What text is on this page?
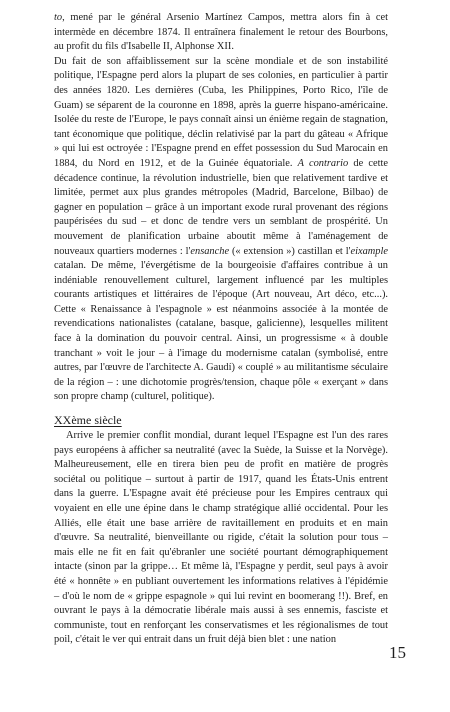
to, mené par le général Arsenio Martínez Campos, mettra alors fin à cet intermède en décembre 1874. Il entraînera finalement le retour des Bourbons, au profit du fils d'Isabelle II, Alphonse XII.

Du fait de son affaiblissement sur la scène mondiale et de son instabilité politique, l'Espagne perd alors la plupart de ses colonies, en particulier à partir des années 1820. Les dernières (Cuba, les Philippines, Porto Rico, l'île de Guam) se séparent de la couronne en 1898, après la guerre hispano-américaine. Isolée du reste de l'Europe, le pays connaît ainsi un énième regain de stagnation, tant économique que politique, déclin relativisé par la part du gâteau « Afrique » qui lui est octroyée : l'Espagne prend en effet possession du Sud Marocain en 1884, du Nord en 1912, et de la Guinée équatoriale. A contrario de cette décadence continue, la révolution industrielle, bien que relativement tardive et limitée, permet aux plus grandes métropoles (Madrid, Barcelone, Bilbao) de gagner en population – grâce à un important exode rural provenant des régions paupérisées du sud – et donc de tendre vers un semblant de prospérité. Un mouvement de planification urbaine aboutit même à l'aménagement de nouveaux quartiers modernes : l'ensanche (« extension ») castillan et l'eixample catalan. De même, l'évergétisme de la bourgeoisie d'affaires contribue à un indéniable renouvellement culturel, largement influencé par les multiples courants artistiques et littéraires de l'époque (Art nouveau, Art déco, etc...). Cette « Renaissance à l'espagnole » est néanmoins associée à la montée de revendications nationalistes (catalane, basque, galicienne), lesquelles militent face à la domination du pouvoir central. Ainsi, un progressisme « à double tranchant » voit le jour – à l'image du modernisme catalan (symbolisé, entre autres, par l'œuvre de l'architecte A. Gaudí) « couplé » au militantisme séculaire de la région – : une dichotomie progrès/tension, chaque pôle « exerçant » dans son propre champ (culturel, politique).

XXème siècle

Arrive le premier conflit mondial, durant lequel l'Espagne est l'un des rares pays européens à afficher sa neutralité (avec la Suède, la Suisse et la Norvège). Malheureusement, elle en tirera bien peu de profit en matière de progrès sociétal ou politique – surtout à partir de 1917, quand les États-Unis entrent dans la guerre. L'Espagne avait été précieuse pour les Empires centraux qui voyaient en elle une épine dans le champ stratégique allié occidental. Pour les Alliés, elle était une base arrière de ravitaillement en produits et en main d'œuvre. Sa neutralité, bienveillante ou rigide, c'était la solution pour tous – mais elle ne fit en fait qu'ébranler une société pourtant démographiquement intacte (sinon par la grippe… Et même là, l'Espagne y perdit, seul pays à avoir été « honnête » en publiant ouvertement les informations relatives à l'épidémie – d'où le nom de « grippe espagnole » qui lui revint en boomerang !!). Bref, en ouvrant le pays à la démocratie libérale mais aussi à ses ennemis, fasciste et communiste, tout en renforçant les conservatismes et les régionalismes de tout poil, c'était le ver qui entrait dans un fruit déjà bien blet : une nation

15
